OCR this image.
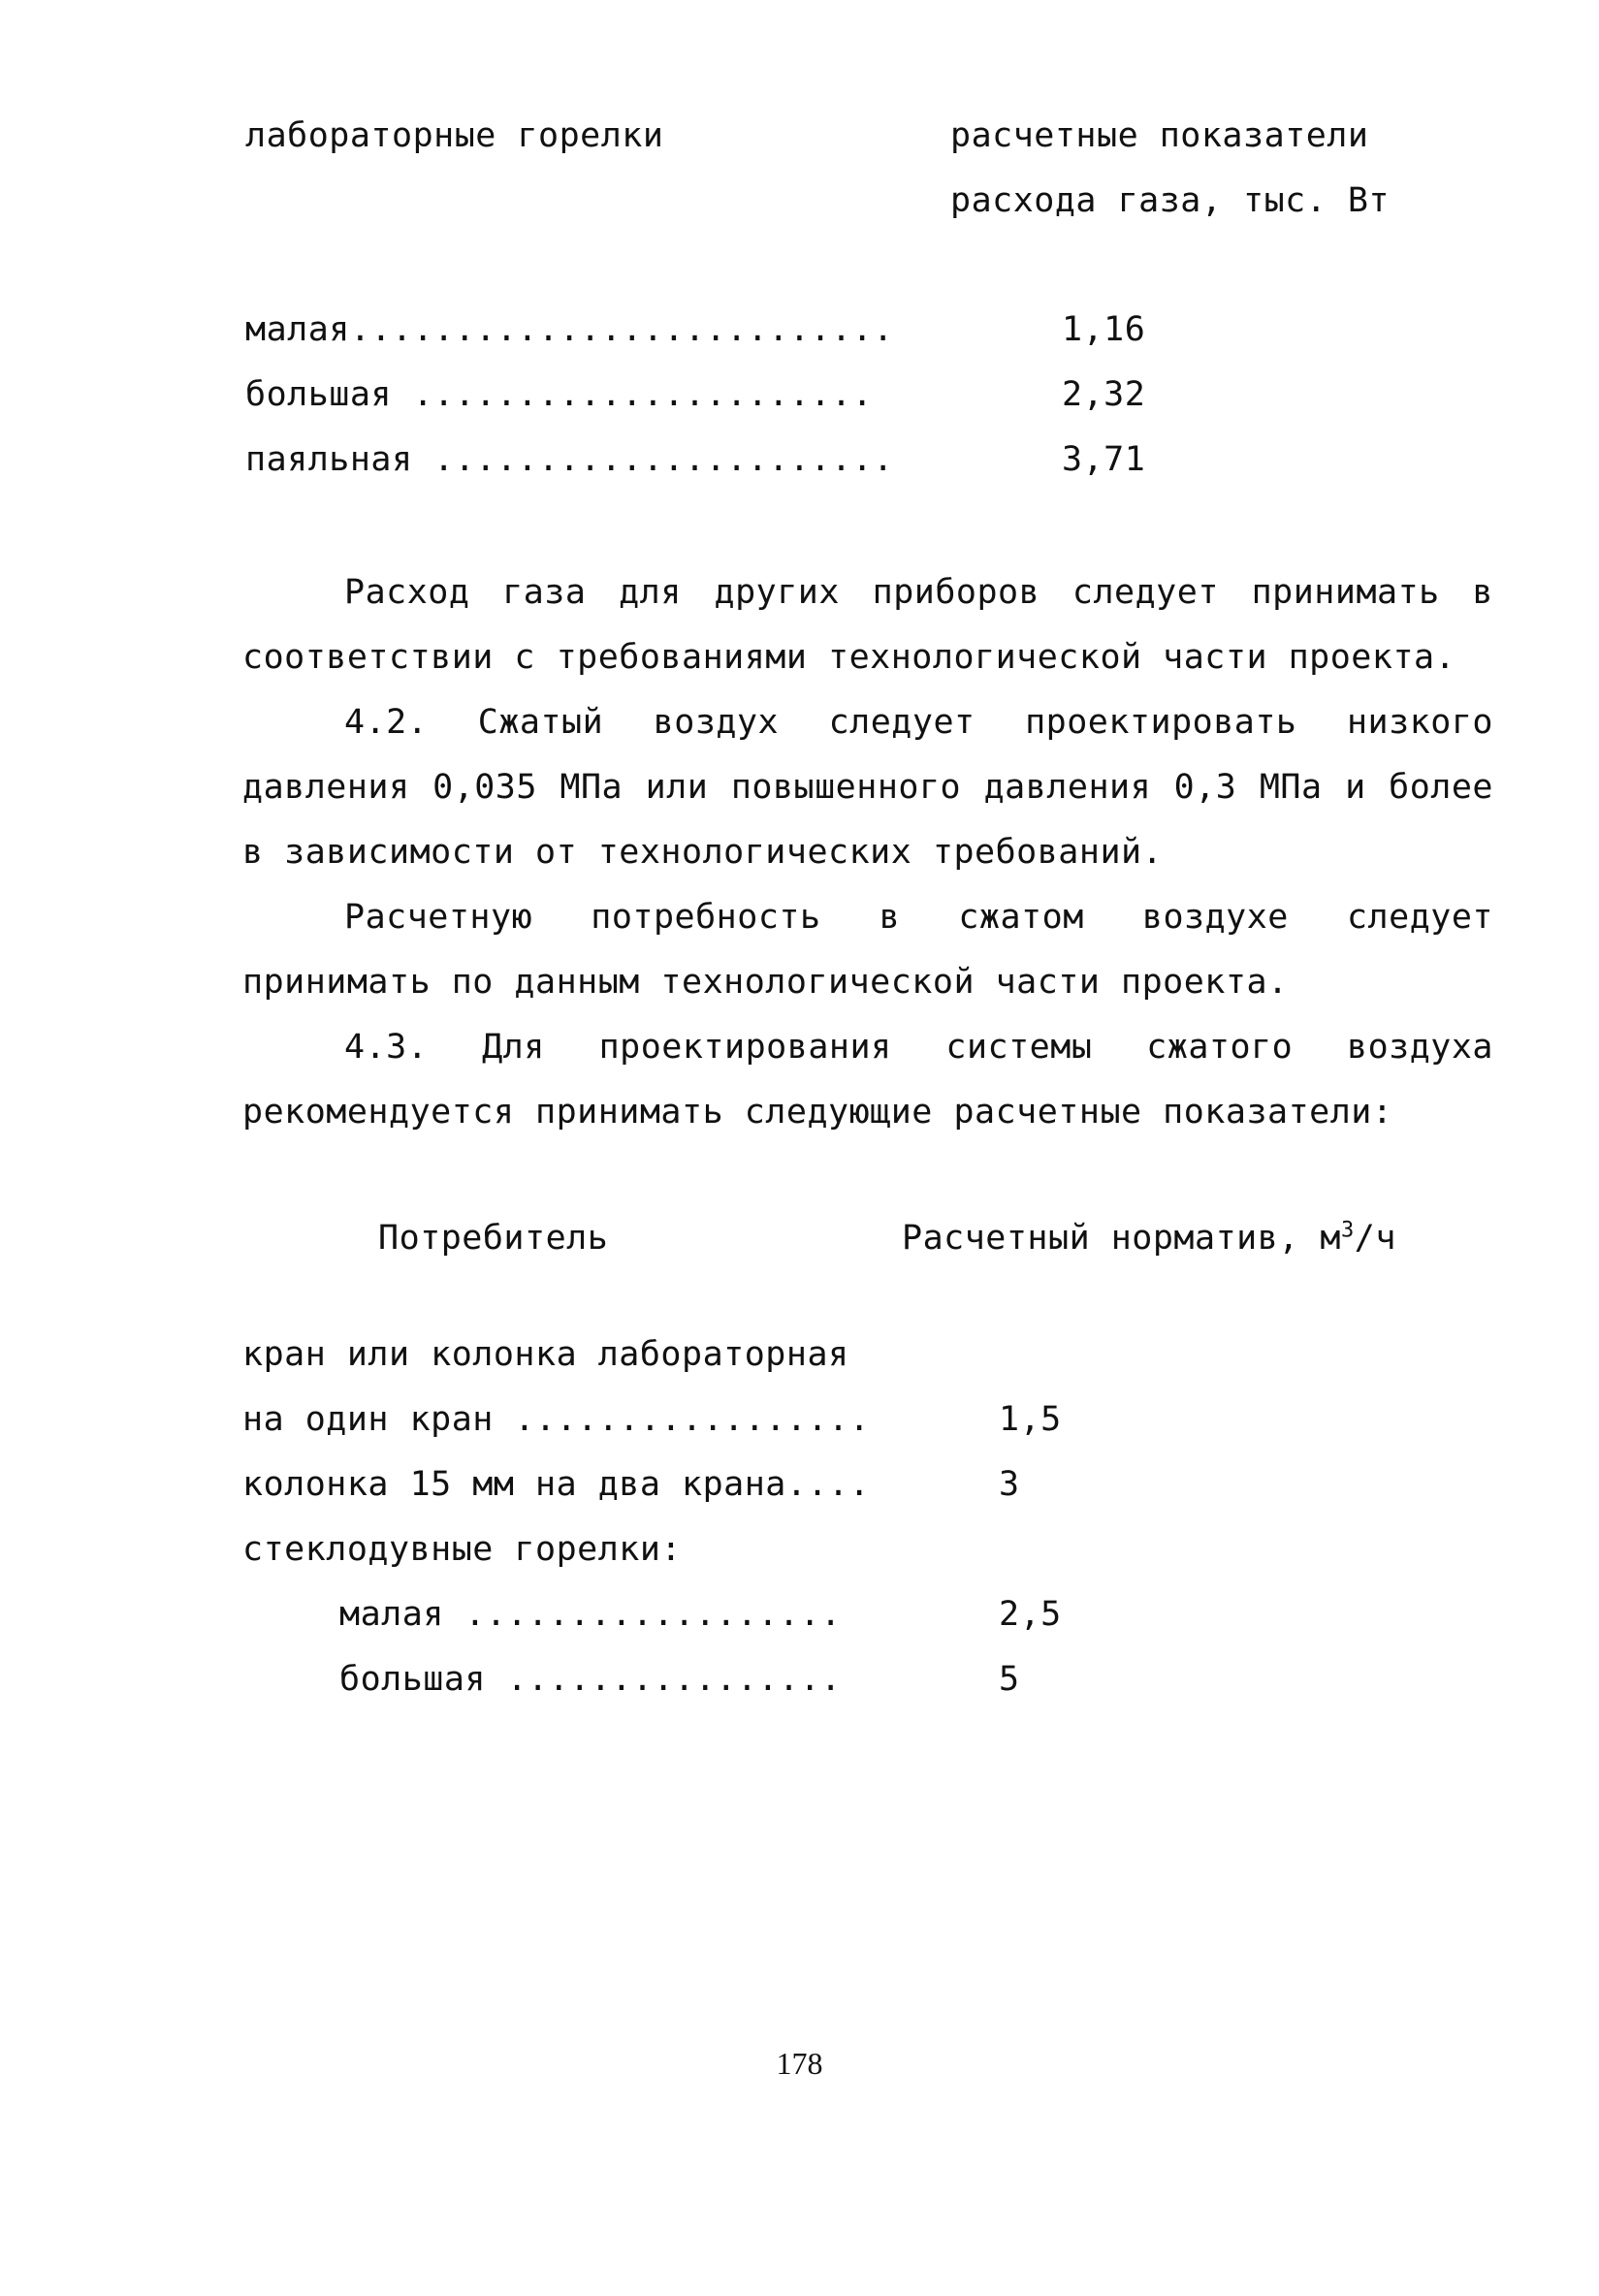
лабораторные горелки	расчетные показатели
расхода газа, тыс. Вт
малая..........................	1,16
большая ......................	2,32
паяльная ......................	3,71
Расход газа для других приборов следует принимать в соответствии с требованиями технологической части проекта.
4.2. Сжатый воздух следует проектировать низкого давления 0,035 МПа или повышенного давления 0,3 МПа и более в зависимости от технологических требований.
Расчетную потребность в сжатом воздухе следует принимать по данным технологической части проекта.
4.3. Для проектирования системы сжатого воздуха рекомендуется принимать следующие расчетные показатели:
Потребитель	Расчетный норматив, $м^3/ч$
кран или колонка лабораторная
на один кран .................	1,5
колонка 15 мм на два крана....	3
стеклодувные горелки:
малая ..................	2,5
большая ................	5
178
